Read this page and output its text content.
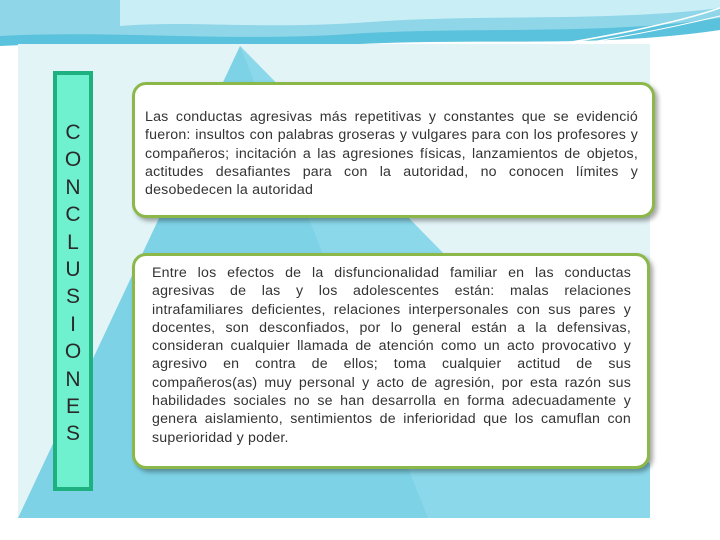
C
O
N
C
L
U
S
I
O
N
E
S
Las conductas agresivas más repetitivas y constantes que se evidenció fueron: insultos con palabras groseras y vulgares para con los profesores y compañeros; incitación a las agresiones físicas, lanzamientos de objetos, actitudes desafiantes para con la autoridad, no conocen límites y desobedecen la autoridad
Entre los efectos de la disfuncionalidad familiar en las conductas agresivas de las y los adolescentes están: malas relaciones intrafamiliares deficientes, relaciones interpersonales con sus pares y docentes, son desconfiados, por lo general están a la defensivas, consideran cualquier llamada de atención como un acto provocativo y agresivo en contra de ellos; toma cualquier actitud de sus compañeros(as) muy personal y acto de agresión, por esta razón sus habilidades sociales no se han desarrolla en forma adecuadamente y genera aislamiento, sentimientos de inferioridad que los camuflan con superioridad y poder.
